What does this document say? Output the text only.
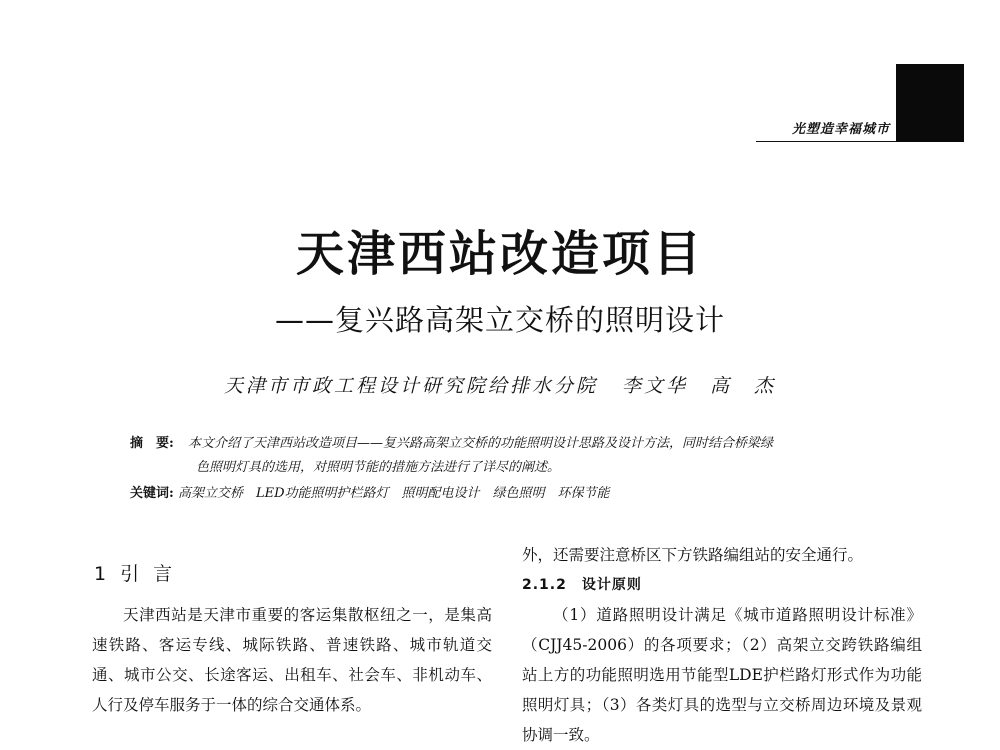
光塑造幸福城市
天津西站改造项目
——复兴路高架立交桥的照明设计
天津市市政工程设计研究院给排水分院 李文华　高　杰
摘　要: 本文介绍了天津西站改造项目——复兴路高架立交桥的功能照明设计思路及设计方法，同时结合桥梁绿
色照明灯具的选用，对照明节能的措施方法进行了详尽的阐述。
关键词: 高架立交桥　LED功能照明护栏路灯　照明配电设计　绿色照明　环保节能
1 引 言

天津西站是天津市重要的客运集散枢纽之一，是集高速铁路、客运专线、城际铁路、普速铁路、城市轨道交通、城市公交、长途客运、出租车、社会车、非机动车、人行及停车服务于一体的综合交通体系。

外，还需要注意桥区下方铁路编组站的安全通行。

2.1.2　设计原则

（1）道路照明设计满足《城市道路照明设计标准》（CJJ45-2006）的各项要求；（2）高架立交跨铁路编组站上方的功能照明选用节能型LDE护栏路灯形式作为功能照明灯具；（3）各类灯具的选型与立交桥周边环境及景观协调一致。
